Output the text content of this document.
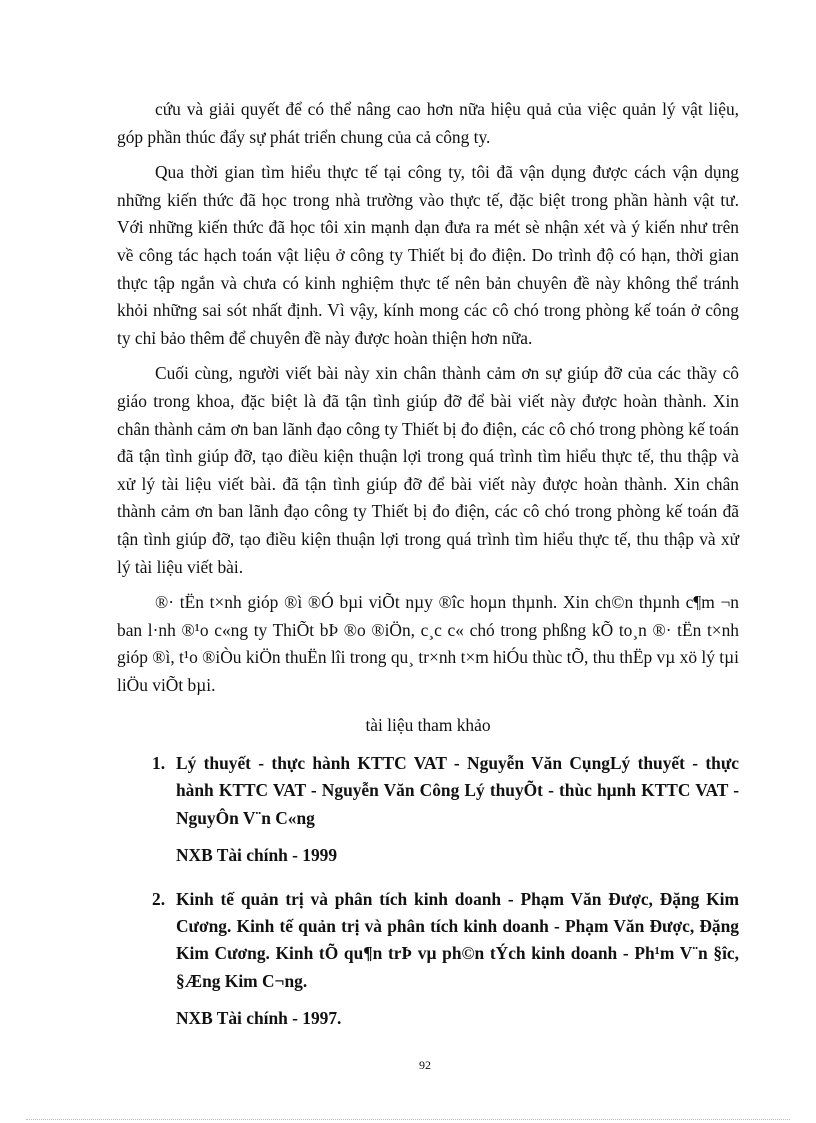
cứu và giải quyết để có thể nâng cao hơn nữa hiệu quả của việc quản lý vật liệu, góp phần thúc đẩy sự phát triển chung của cả công ty.

Qua thời gian tìm hiểu thực tế tại công ty, tôi đã vận dụng được cách vận dụng những kiến thức đã học trong nhà trường vào thực tế, đặc biệt trong phần hành vật tư. Với những kiến thức đã học tôi xin mạnh dạn đưa ra mét sè nhận xét và ý kiến như trên về công tác hạch toán vật liệu ở công ty Thiết bị đo điện. Do trình độ có hạn, thời gian thực tập ngắn và chưa có kinh nghiệm thực tế nên bản chuyên đề này không thể tránh khỏi những sai sót nhất định. Vì vậy, kính mong các cô chó trong phòng kế toán ở công ty chỉ bảo thêm để chuyên đề này được hoàn thiện hơn nữa.

Cuối cùng, người viết bài này xin chân thành cảm ơn sự giúp đỡ của các thầy cô giáo trong khoa, đặc biệt là đã tận tình giúp đỡ để bài viết này được hoàn thành. Xin chân thành cảm ơn ban lãnh đạo công ty Thiết bị đo điện, các cô chó trong phòng kế toán đã tận tình giúp đỡ, tạo điều kiện thuận lợi trong quá trình tìm hiểu thực tế, thu thập và xử lý tài liệu viết bài. đã tận tình giúp đỡ để bài viết này được hoàn thành. Xin chân thành cảm ơn ban lãnh đạo công ty Thiết bị đo điện, các cô chó trong phòng kế toán đã tận tình giúp đỡ, tạo điều kiện thuận lợi trong quá trình tìm hiểu thực tế, thu thập và xử lý tài liệu viết bài.

®· tËn t×nh gióp ®ì ®Ó bµi viÕt nµy ®îc hoµn thµnh. Xin ch©n thµnh c¶m ¬n ban l·nh ®¹o c«ng ty ThiÕt bÞ ®o ®iÖn, c¸c c« chó trong phßng kÕ to¸n ®· tËn t×nh gióp ®ì, t¹o ®iÒu kiÖn thuËn lîi trong qu¸ tr×nh t×m hiÓu thùc tÕ, thu thËp vµ xö lý tµi liÖu viÕt bµi.

tài liệu tham khảo
1. Lý thuyết - thực hành KTTC VAT - Nguyễn Văn CụngLý thuyết - thực hành KTTC VAT - Nguyễn Văn Công Lý thuyÕt - thùc hµnh KTTC VAT - NguyÔn V¨n C«ng
NXB Tài chính - 1999
2. Kinh tế quản trị và phân tích kinh doanh - Phạm Văn Được, Đặng Kim Cương. Kinh tế quản trị và phân tích kinh doanh - Phạm Văn Được, Đặng Kim Cương. Kinh tÕ qu¶n trÞ vµ ph©n tÝch kinh doanh - Ph¹m V¨n §îc, §Æng Kim C¬ng.
NXB Tài chính - 1997.
92
